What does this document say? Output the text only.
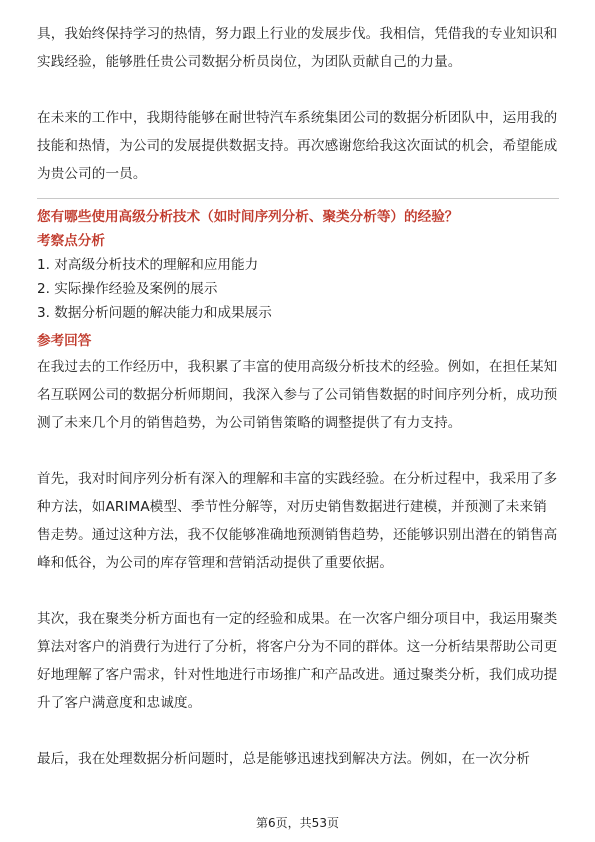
具，我始终保持学习的热情，努力跟上行业的发展步伐。我相信，凭借我的专业知识和实践经验，能够胜任贵公司数据分析员岗位，为团队贡献自己的力量。

在未来的工作中，我期待能够在耐世特汽车系统集团公司的数据分析团队中，运用我的技能和热情，为公司的发展提供数据支持。再次感谢您给我这次面试的机会，希望能成为贵公司的一员。

您有哪些使用高级分析技术（如时间序列分析、聚类分析等）的经验？

考察点分析

1. 对高级分析技术的理解和应用能力

2. 实际操作经验及案例的展示

3. 数据分析问题的解决能力和成果展示

参考回答

在我过去的工作经历中，我积累了丰富的使用高级分析技术的经验。例如，在担任某知名互联网公司的数据分析师期间，我深入参与了公司销售数据的时间序列分析，成功预测了未来几个月的销售趋势，为公司销售策略的调整提供了有力支持。

首先，我对时间序列分析有深入的理解和丰富的实践经验。在分析过程中，我采用了多种方法，如ARIMA模型、季节性分解等，对历史销售数据进行建模，并预测了未来销售走势。通过这种方法，我不仅能够准确地预测销售趋势，还能够识别出潜在的销售高峰和低谷，为公司的库存管理和营销活动提供了重要依据。

其次，我在聚类分析方面也有一定的经验和成果。在一次客户细分项目中，我运用聚类算法对客户的消费行为进行了分析，将客户分为不同的群体。这一分析结果帮助公司更好地理解了客户需求，针对性地进行市场推广和产品改进。通过聚类分析，我们成功提升了客户满意度和忠诚度。

最后，我在处理数据分析问题时，总是能够迅速找到解决方法。例如，在一次分析

第6页，共53页
